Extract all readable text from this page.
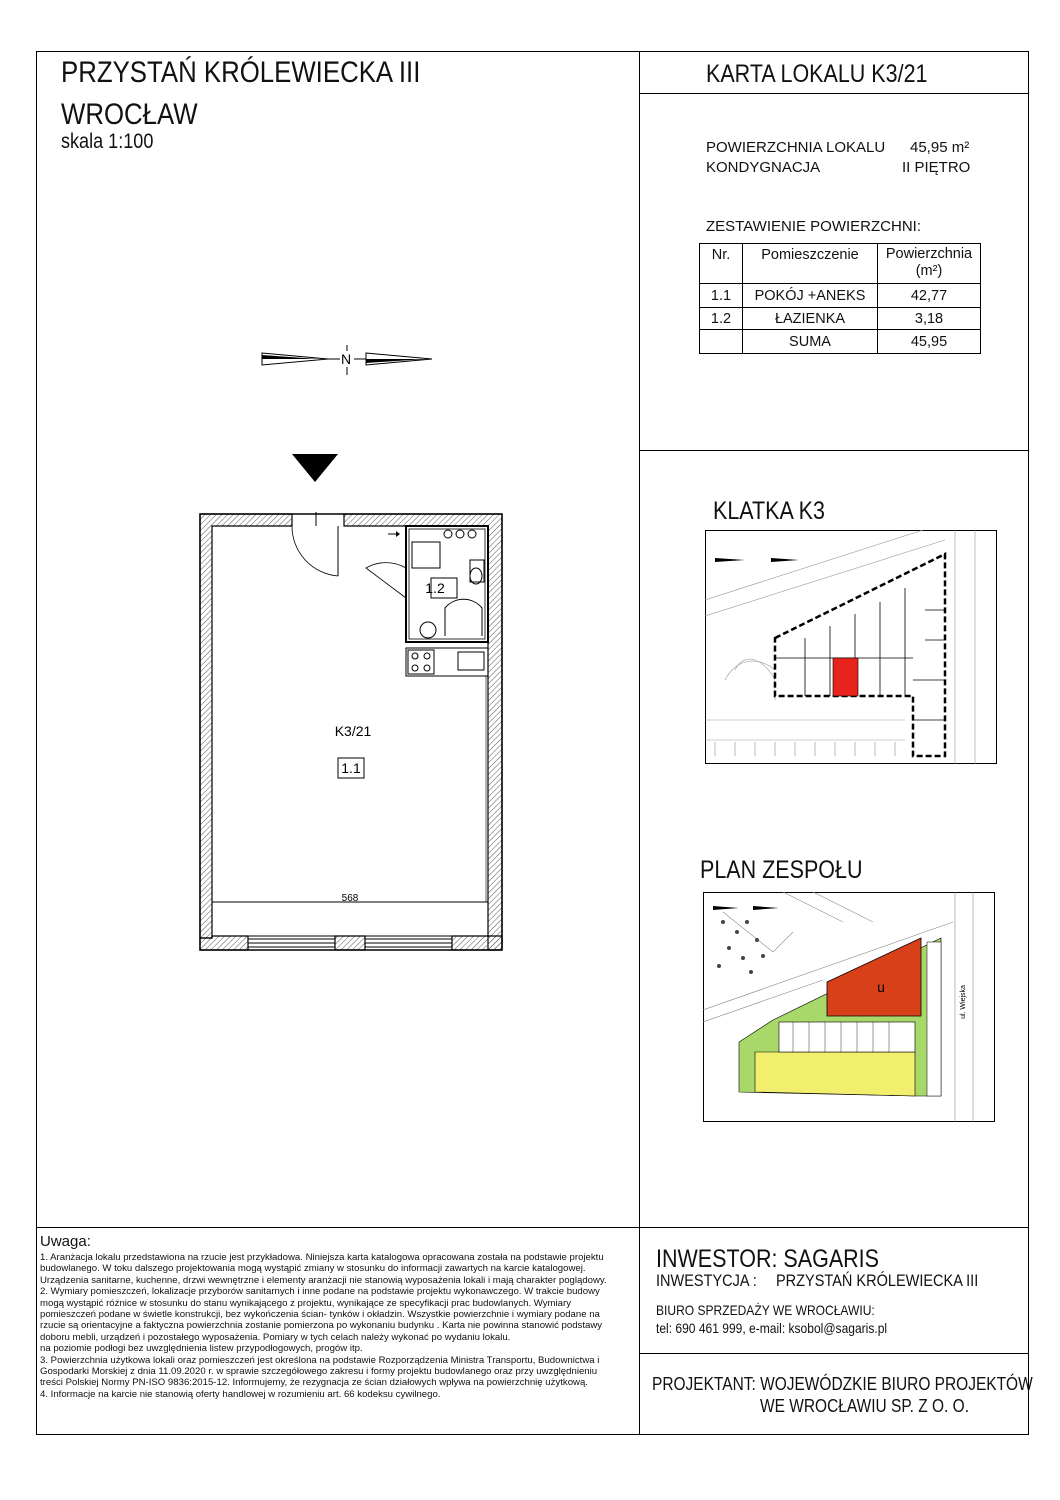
PRZYSTAŃ KRÓLEWIECKA III
WROCŁAW
skala 1:100
KARTA LOKALU K3/21
POWIERZCHNIA LOKALU 45,95 m²
KONDYGNACJA	II PIĘTRO
ZESTAWIENIE POWIERZCHNI:
Nr.	Pomieszczenie	Powierzchnia
(m²)

1.1	POKÓJ +ANEKS	42,77
1.2	ŁAZIENKA	3,18
	SUMA	45,95
N
1.2
K3/21
1.1
568
KLATKA K3
PLAN ZESPOŁU
u	ul. Wiejska
Uwaga:

1. Aranżacja lokalu przedstawiona na rzucie jest przykładowa. Niniejsza karta katalogowa opracowana została na podstawie projektu

budowlanego. W toku dalszego projektowania mogą wystąpić zmiany w stosunku do informacji zawartych na karcie katalogowej.

Urządzenia sanitarne, kuchenne, drzwi wewnętrzne i elementy aranżacji nie stanowią wyposażenia lokali i mają charakter poglądowy.

2. Wymiary pomieszczeń, lokalizacje przyborów sanitarnych i inne podane na podstawie projektu wykonawczego. W trakcie budowy

mogą wystąpić różnice w stosunku do stanu wynikającego z projektu, wynikające ze specyfikacji prac budowlanych. Wymiary

pomieszczeń podane w świetle konstrukcji, bez wykończenia ścian- tynków i okładzin. Wszystkie powierzchnie i wymiary podane na

rzucie są orientacyjne a faktyczna powierzchnia zostanie pomierzona po wykonaniu budynku . Karta nie powinna stanowić podstawy

doboru mebli, urządzeń i pozostałego wyposażenia. Pomiary w tych celach należy wykonać po wydaniu lokalu.

na poziomie podłogi bez uwzględnienia listew przypodłogowych, progów itp.

3. Powierzchnia użytkowa lokali oraz pomieszczeń jest określona na podstawie Rozporządzenia Ministra Transportu, Budownictwa i

Gospodarki Morskiej z dnia 11.09.2020 r. w sprawie szczegółowego zakresu i formy projektu budowlanego oraz przy uwzględnieniu

treści Polskiej Normy PN-ISO 9836:2015-12. Informujemy, że rezygnacja ze ścian działowych wpływa na powierzchnię użytkową.

4. Informacje na karcie nie stanowią oferty handlowej w rozumieniu art. 66 kodeksu cywilnego.

INWESTOR: SAGARIS
INWESTYCJA : PRZYSTAŃ KRÓLEWIECKA III
BIURO SPRZEDAŻY WE WROCŁAWIU:
tel: 690 461 999, e-mail: ksobol@sagaris.pl
PROJEKTANT: WOJEWÓDZKIE BIURO PROJEKTÓW
WE WROCŁAWIU SP. Z O. O.
